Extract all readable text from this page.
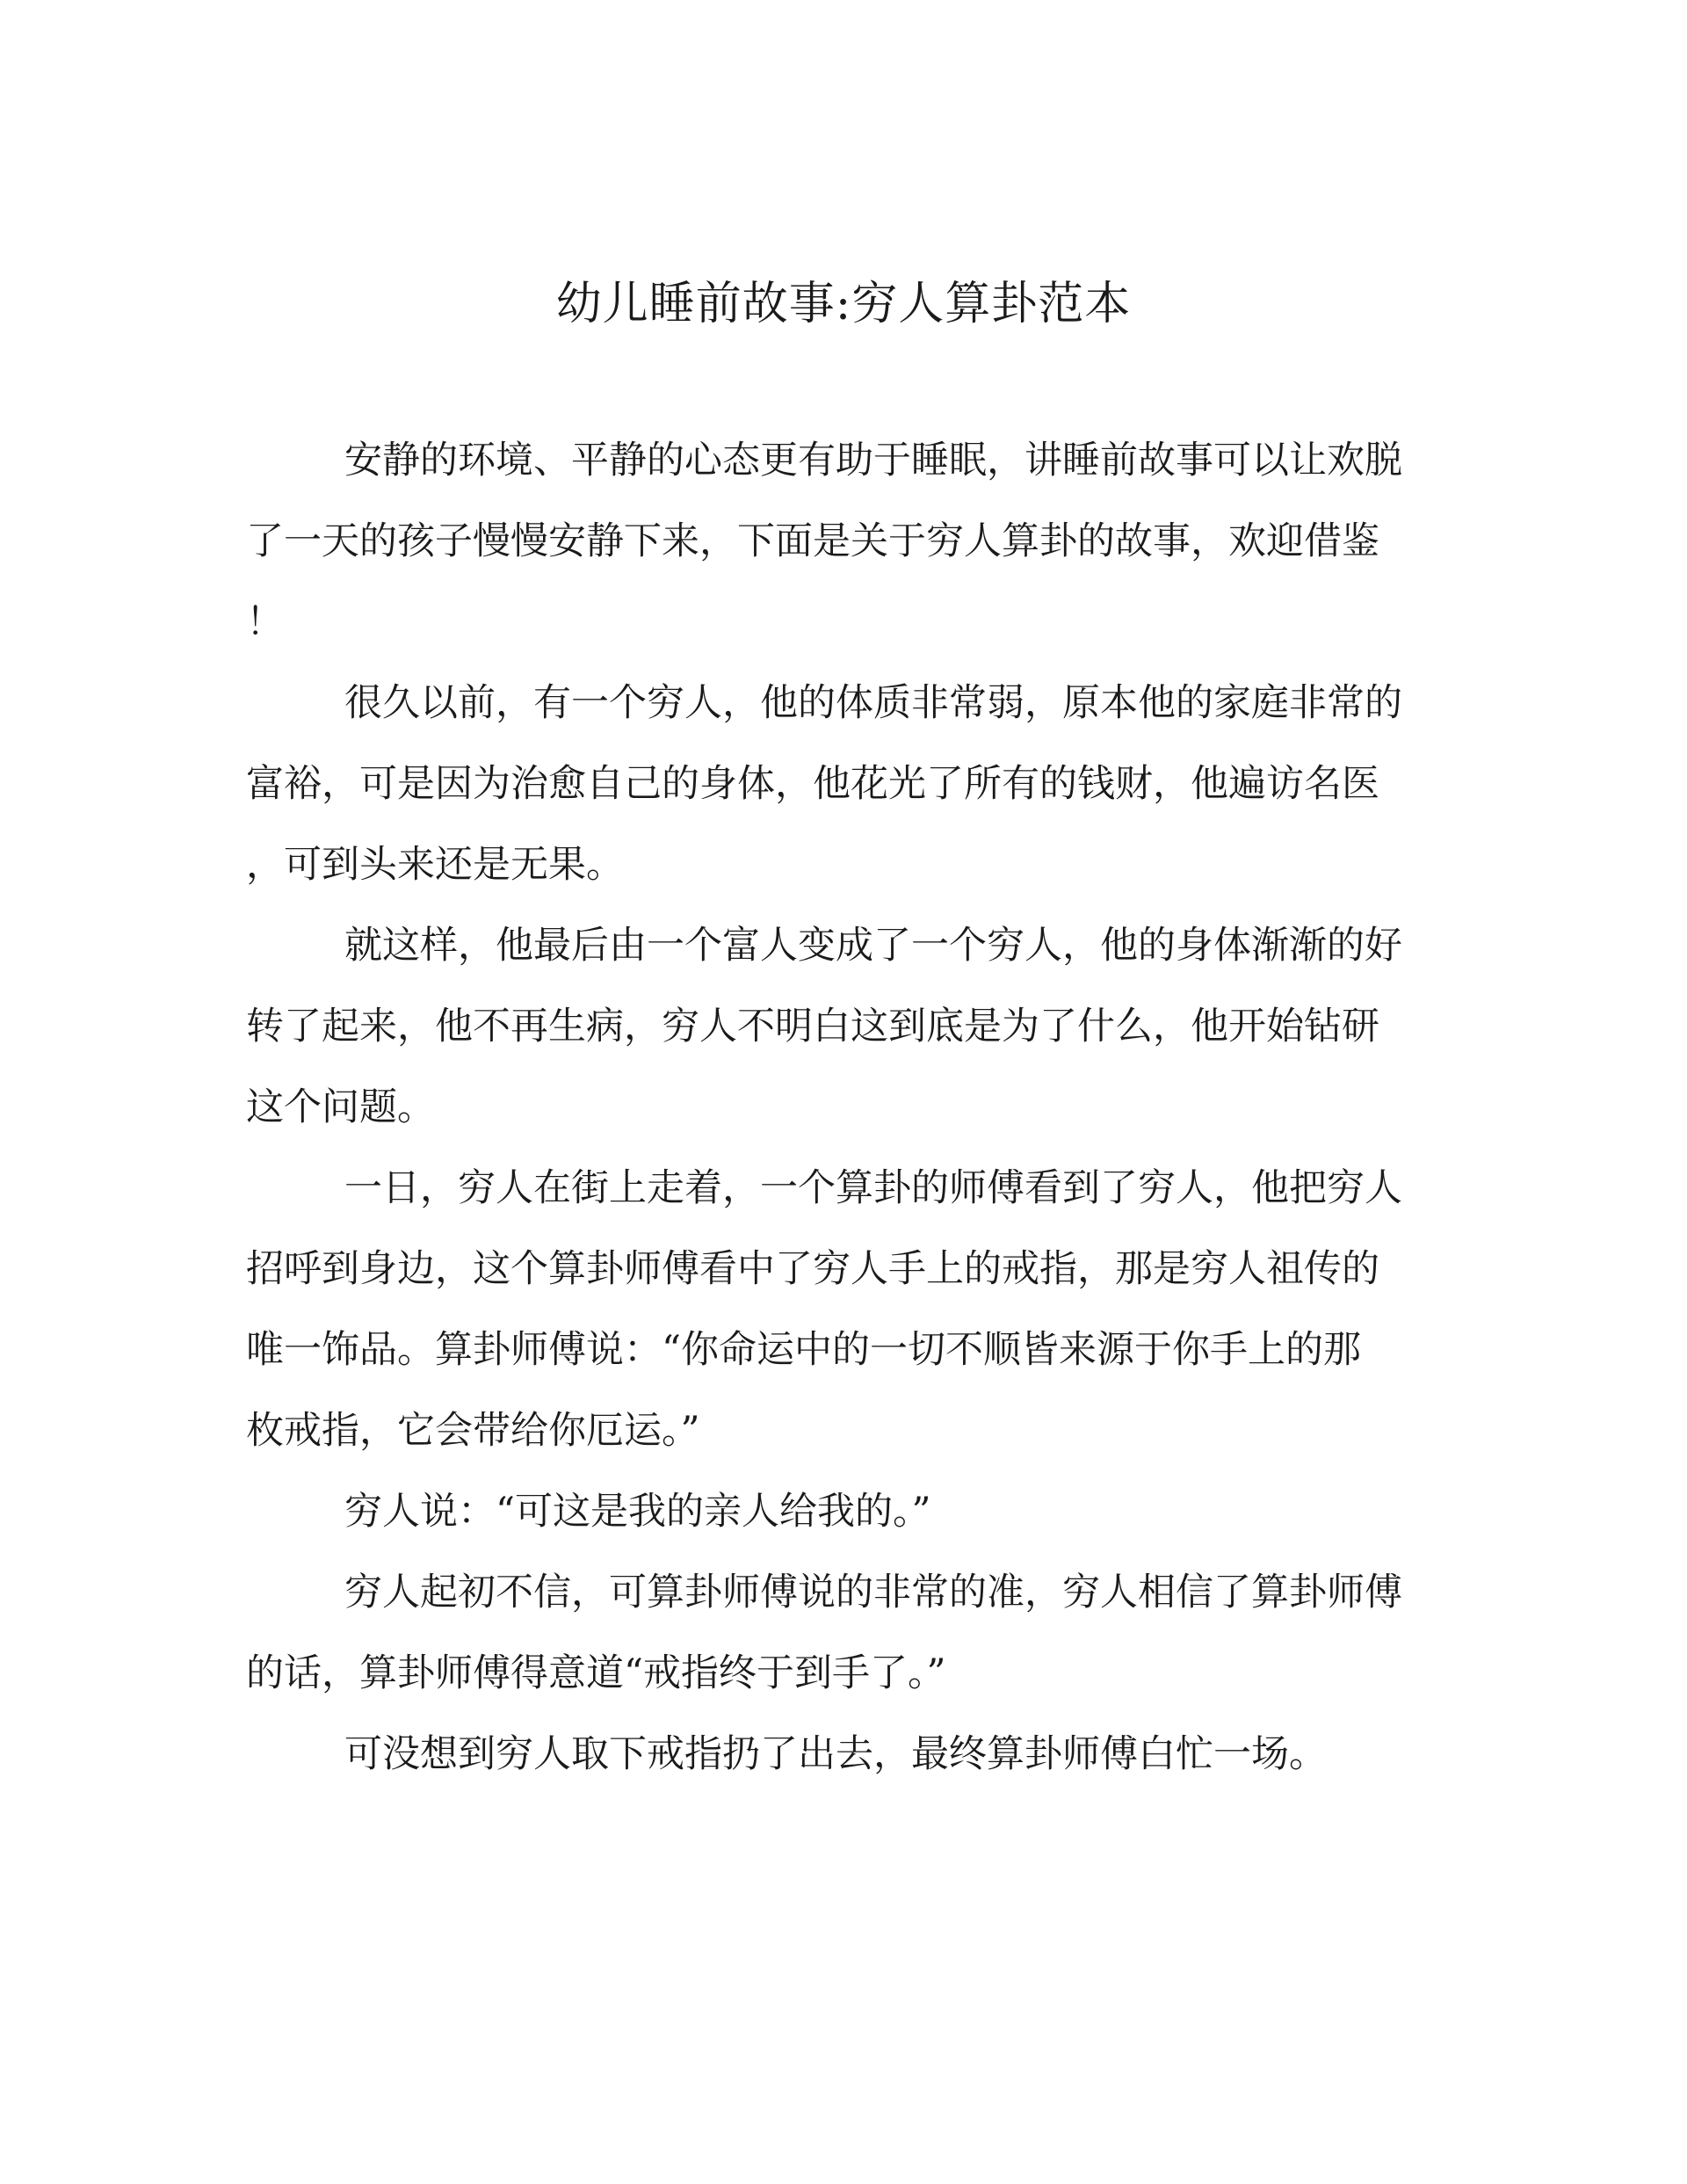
幼儿睡前故事:穷人算卦范本

安静的环境、平静的心态更有助于睡眠，讲睡前故事可以让欢脱
了一天的孩子慢慢安静下来，下面是关于穷人算卦的故事，欢迎借鉴
！

很久以前，有一个穷人，他的体质非常弱，原本他的家庭非常的
富裕，可是因为治愈自己的身体，他花光了所有的钱财，他遍访名医
，可到头来还是无果。

就这样，他最后由一个富人变成了一个穷人，他的身体渐渐的好
转了起来，他不再生病，穷人不明白这到底是为了什么，他开始钻研
这个问题。

一日，穷人在街上走着，一个算卦的师傅看到了穷人，他把穷人
招呼到身边，这个算卦师傅看中了穷人手上的戒指，那是穷人祖传的
唯一饰品。算卦师傅说：“你命运中的一切不顺皆来源于你手上的那
枚戒指，它会带给你厄运。”

穷人说：“可这是我的亲人给我的。”

穷人起初不信，可算卦师傅说的非常的准，穷人相信了算卦师傅
的话，算卦师傅得意道“戒指终于到手了。”

可没想到穷人取下戒指扔了出去，最终算卦师傅白忙一场。
